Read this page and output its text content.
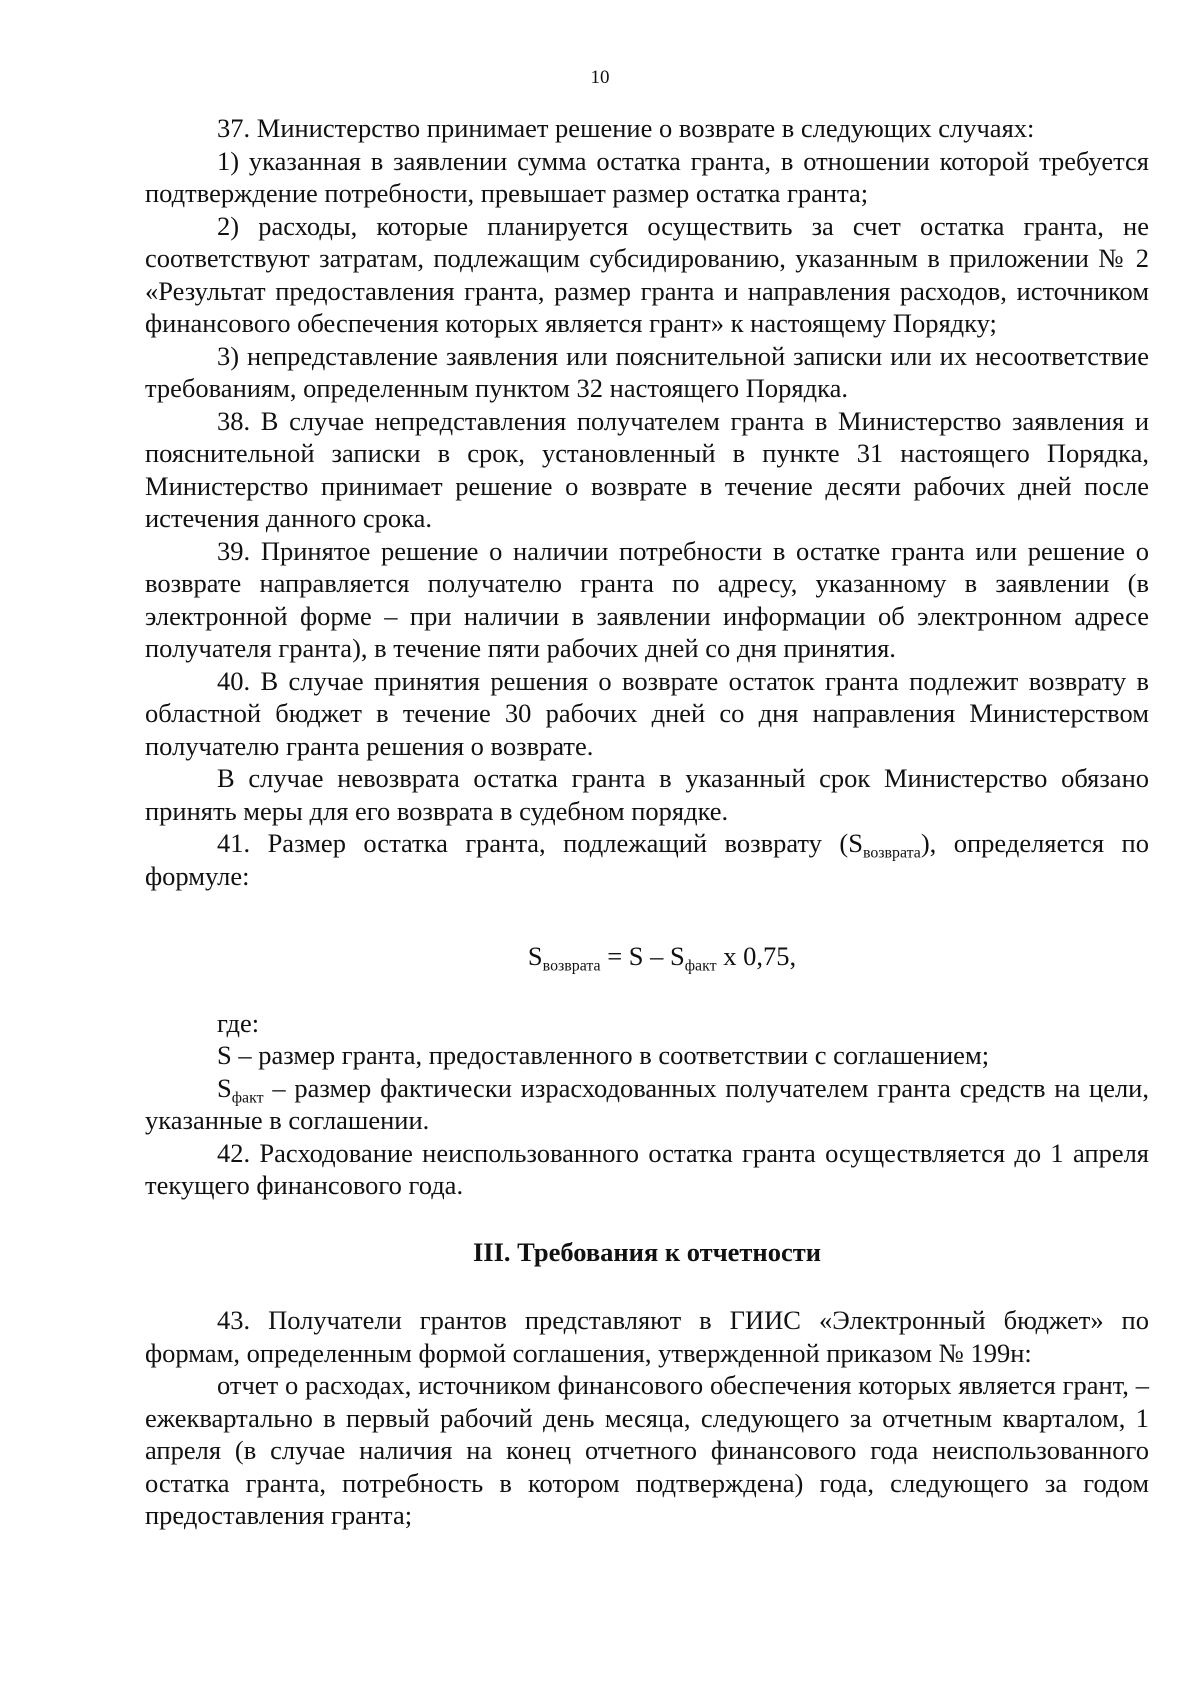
10

37. Министерство принимает решение о возврате в следующих случаях:

1) указанная в заявлении сумма остатка гранта, в отношении которой требуется подтверждение потребности, превышает размер остатка гранта;

2) расходы, которые планируется осуществить за счет остатка гранта, не соответствуют затратам, подлежащим субсидированию, указанным в приложении № 2 «Результат предоставления гранта, размер гранта и направления расходов, источником финансового обеспечения которых является грант» к настоящему Порядку;

3) непредставление заявления или пояснительной записки или их несоответствие требованиям, определенным пунктом 32 настоящего Порядка.

38. В случае непредставления получателем гранта в Министерство заявления и пояснительной записки в срок, установленный в пункте 31 настоящего Порядка, Министерство принимает решение о возврате в течение десяти рабочих дней после истечения данного срока.

39. Принятое решение о наличии потребности в остатке гранта или решение о возврате направляется получателю гранта по адресу, указанному в заявлении (в электронной форме – при наличии в заявлении информации об электронном адресе получателя гранта), в течение пяти рабочих дней со дня принятия.

40. В случае принятия решения о возврате остаток гранта подлежит возврату в областной бюджет в течение 30 рабочих дней со дня направления Министерством получателю гранта решения о возврате.

В случае невозврата остатка гранта в указанный срок Министерство обязано принять меры для его возврата в судебном порядке.

41. Размер остатка гранта, подлежащий возврату $(S_{возврата})$, определяется по формуле:

$S_{возврата} = S - S_{факт}$ x 0,75,

где:

S – размер гранта, предоставленного в соответствии с соглашением;

$S_{факт}$ – размер фактически израсходованных получателем гранта средств на цели, указанные в соглашении.

42. Расходование неиспользованного остатка гранта осуществляется до 1 апреля текущего финансового года.

III. Требования к отчетности

43. Получатели грантов представляют в ГИИС «Электронный бюджет» по формам, определенным формой соглашения, утвержденной приказом № 199н:

отчет о расходах, источником финансового обеспечения которых является грант, – ежеквартально в первый рабочий день месяца, следующего за отчетным кварталом, 1 апреля (в случае наличия на конец отчетного финансового года неиспользованного остатка гранта, потребность в котором подтверждена) года, следующего за годом предоставления гранта;
